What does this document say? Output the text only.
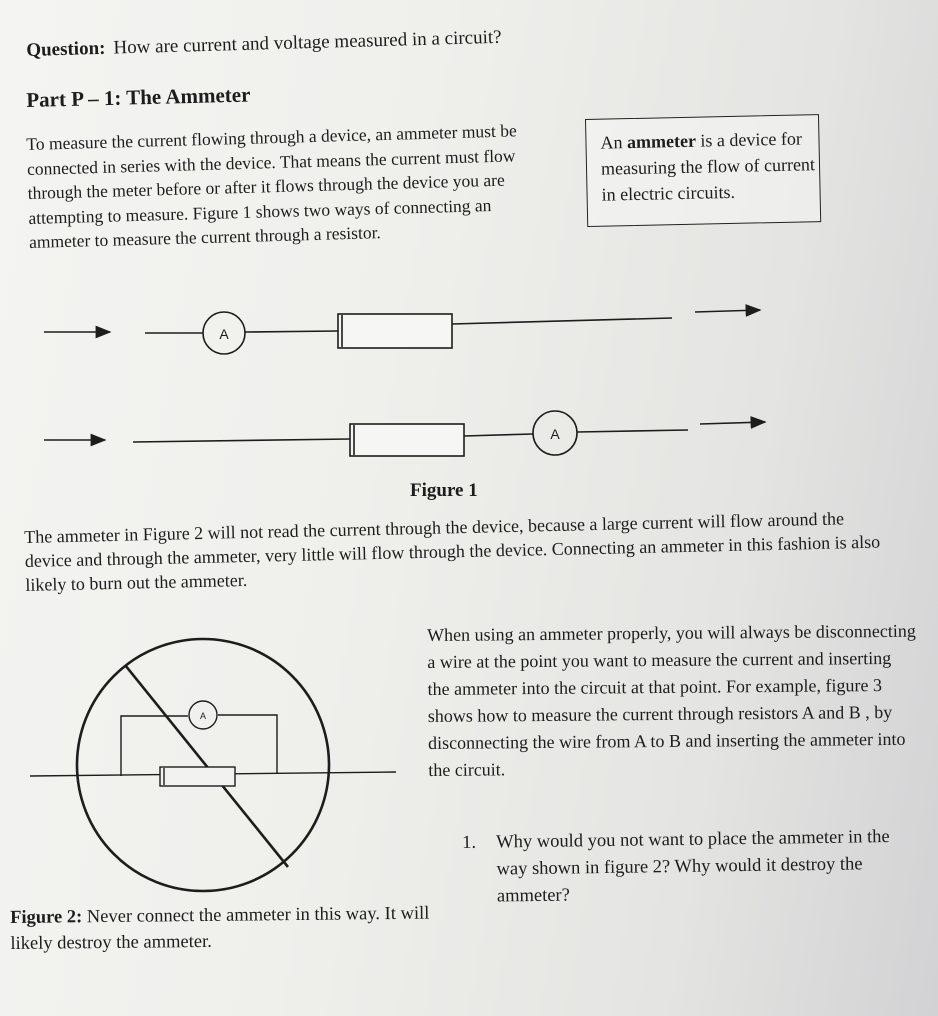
Question: How are current and voltage measured in a circuit?
Part P – 1: The Ammeter
To measure the current flowing through a device, an ammeter must be connected in series with the device. That means the current must flow through the meter before or after it flows through the device you are attempting to measure. Figure 1 shows two ways of connecting an ammeter to measure the current through a resistor.
An ammeter is a device for measuring the flow of current in electric circuits.
A
A
A
Figure 1
The ammeter in Figure 2 will not read the current through the device, because a large current will flow around the device and through the ammeter, very little will flow through the device. Connecting an ammeter in this fashion is also likely to burn out the ammeter.
When using an ammeter properly, you will always be disconnecting a wire at the point you want to measure the current and inserting the ammeter into the circuit at that point. For example, figure 3 shows how to measure the current through resistors A and B , by disconnecting the wire from A to B and inserting the ammeter into the circuit.
1.	Why would you not want to place the ammeter in the way shown in figure 2? Why would it destroy the ammeter?
Figure 2: Never connect the ammeter in this way. It will likely destroy the ammeter.
